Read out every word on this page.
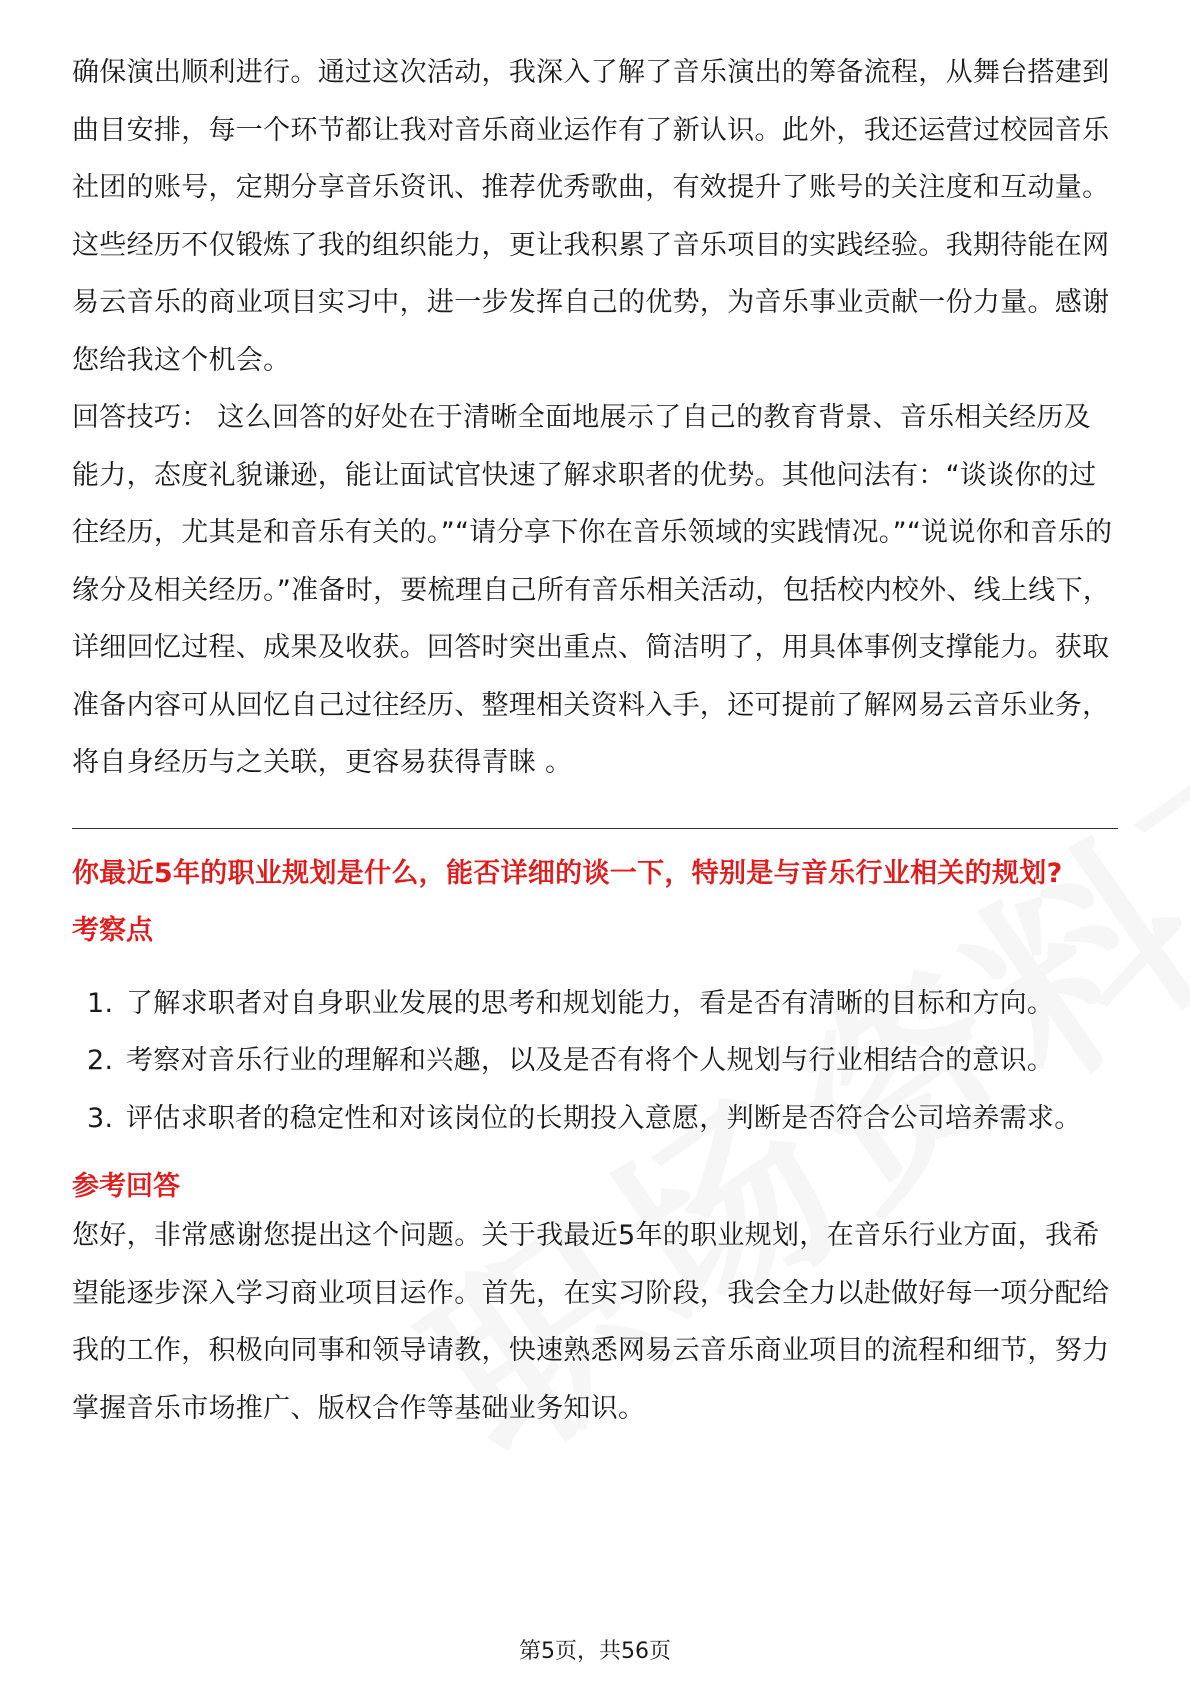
确保演出顺利进行。通过这次活动，我深入了解了音乐演出的筹备流程，从舞台搭建到曲目安排，每一个环节都让我对音乐商业运作有了新认识。此外，我还运营过校园音乐社团的账号，定期分享音乐资讯、推荐优秀歌曲，有效提升了账号的关注度和互动量。这些经历不仅锻炼了我的组织能力，更让我积累了音乐项目的实践经验。我期待能在网易云音乐的商业项目实习中，进一步发挥自己的优势，为音乐事业贡献一份力量。感谢您给我这个机会。

回答技巧： 这么回答的好处在于清晰全面地展示了自己的教育背景、音乐相关经历及能力，态度礼貌谦逊，能让面试官快速了解求职者的优势。其他问法有：“谈谈你的过往经历，尤其是和音乐有关的。”“请分享下你在音乐领域的实践情况。”“说说你和音乐的缘分及相关经历。”准备时，要梳理自己所有音乐相关活动，包括校内校外、线上线下，详细回忆过程、成果及收获。回答时突出重点、简洁明了，用具体事例支撑能力。获取准备内容可从回忆自己过往经历、整理相关资料入手，还可提前了解网易云音乐业务，将自身经历与之关联，更容易获得青睐 。

你最近5年的职业规划是什么，能否详细的谈一下，特别是与音乐行业相关的规划?
考察点
1. 了解求职者对自身职业发展的思考和规划能力，看是否有清晰的目标和方向。
2. 考察对音乐行业的理解和兴趣，以及是否有将个人规划与行业相结合的意识。
3. 评估求职者的稳定性和对该岗位的长期投入意愿，判断是否符合公司培养需求。
参考回答

您好，非常感谢您提出这个问题。关于我最近5年的职业规划，在音乐行业方面，我希望能逐步深入学习商业项目运作。首先，在实习阶段，我会全力以赴做好每一项分配给我的工作，积极向同事和领导请教，快速熟悉网易云音乐商业项目的流程和细节，努力掌握音乐市场推广、版权合作等基础业务知识。

第5页，共56页
